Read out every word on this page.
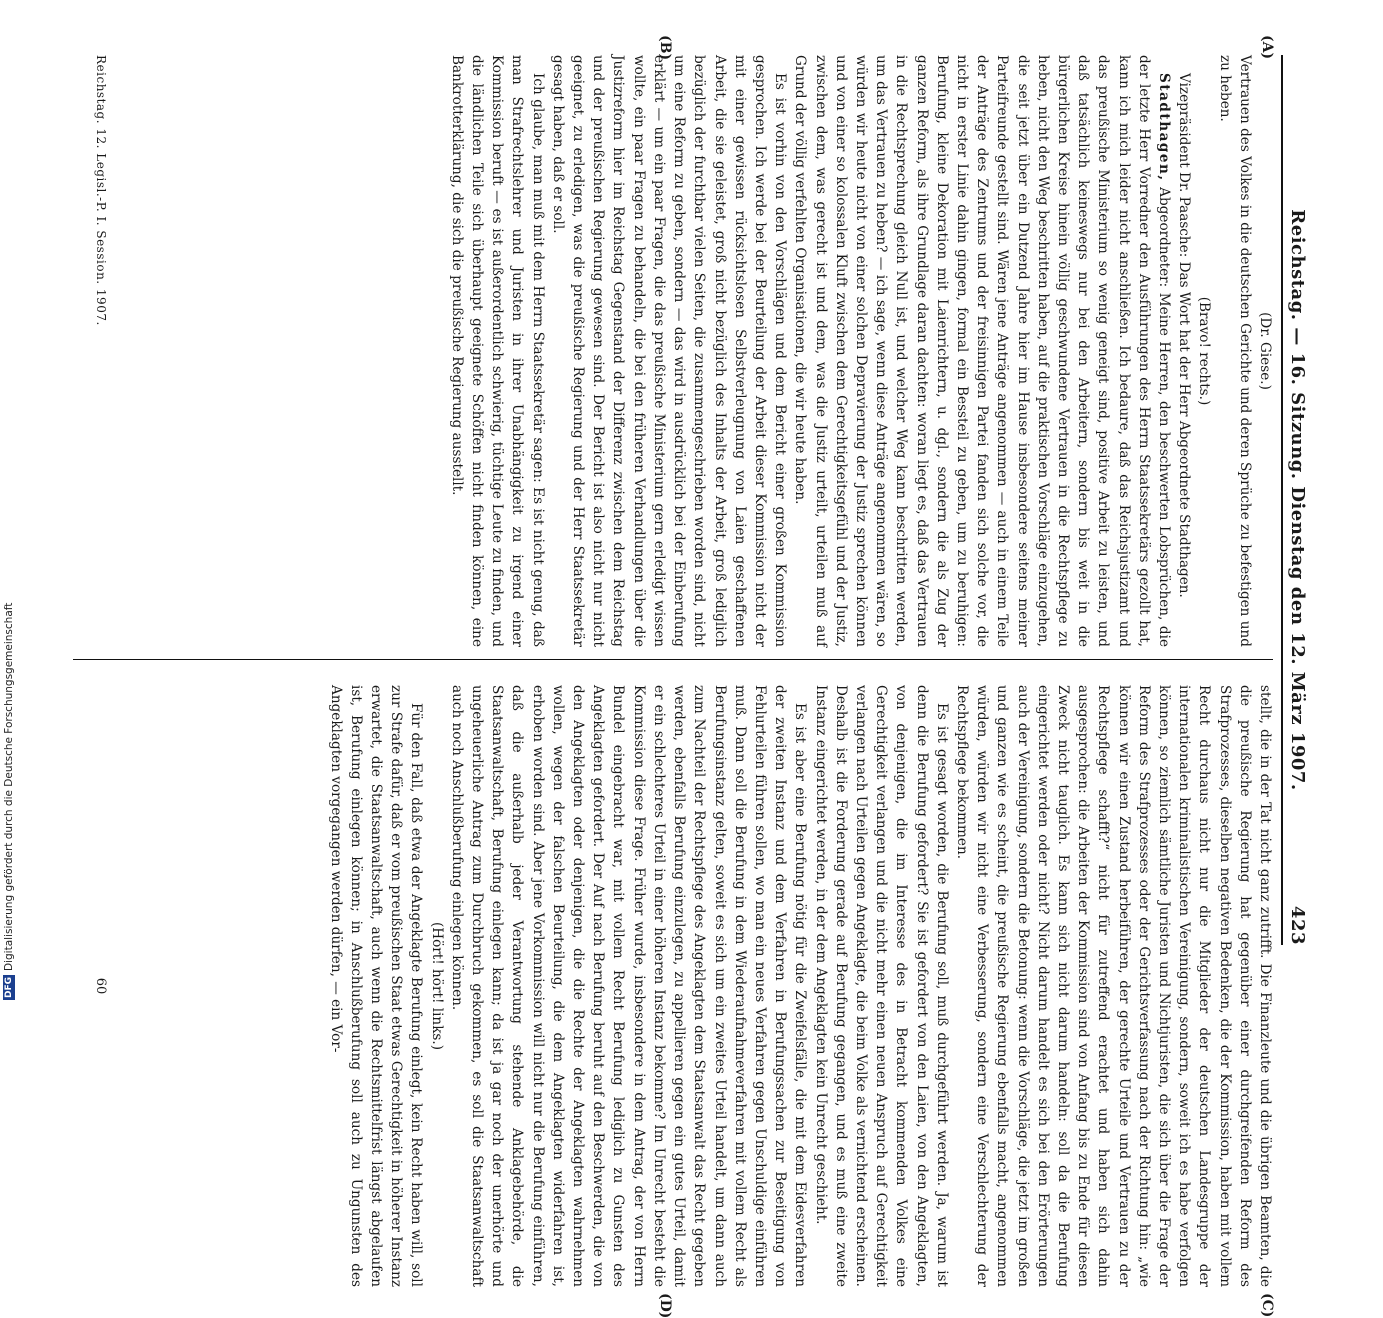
Reichstag. — 16. Sitzung. Dienstag den 12. März 1907.
423
(A)
(B)
(C)
(D)

(Dr. Giese.)

Vertrauen des Volkes in die deutschen Gerichte und deren Sprüche zu befestigen und zu heben.

(Bravo! rechts.)

Vizepräsident Dr. Paasche: Das Wort hat der Herr Abgeordnete Stadthagen.

Stadthagen, Abgeordneter: Meine Herren, den beschwerten Lobsprüchen, die der letzte Herr Vorredner den Ausführungen des Herrn Staatssekretärs gezollt hat, kann ich mich leider nicht anschließen. Ich bedaure, daß das Reichsjustizamt und das preußische Ministerium so wenig geneigt sind, positive Arbeit zu leisten, und daß tatsächlich keineswegs nur bei den Arbeitern, sondern bis weit in die bürgerlichen Kreise hinein völlig geschwundene Vertrauen in die Rechtspflege zu heben, nicht den Weg beschritten haben, auf die praktischen Vorschläge einzugehen, die seit jetzt über ein Dutzend Jahre hier im Hause insbesondere seitens meiner Parteifreunde gestellt sind. Wären jene Anträge angenommen — auch in einem Teile der Anträge des Zentrums und der freisinnigen Partei fanden sich solche vor, die nicht in erster Linie dahin gingen, formal ein Bessteil zu geben, um zu beruhigen: Berufung, kleine Dekoration mit Laienrichtern, u. dgl., sondern die als Zug der ganzen Reform, als ihre Grundlage daran dachten: woran liegt es, daß das Vertrauen in die Rechtsprechung gleich Null ist, und welcher Weg kann beschritten werden, um das Vertrauen zu heben? — ich sage, wenn diese Anträge angenommen wären, so würden wir heute nicht von einer solchen Depravierung der Justiz sprechen können und von einer so kolossalen Kluft zwischen dem Gerechtigkeitsgefühl und der Justiz, zwischen dem, was gerecht ist und dem, was die Justiz urteilt, urteilen muß auf Grund der völlig verfehlten Organisationen, die wir heute haben.

Es ist vorhin von den Vorschlägen und dem Bericht einer großen Kommission gesprochen. Ich werde bei der Beurteilung der Arbeit dieser Kommission nicht der mit einer gewissen rücksichtslosen Selbstverleugnung von Laien geschaffenen Arbeit, die sie geleistet, groß nicht bezüglich des Inhalts der Arbeit, groß lediglich bezüglich der furchtbar vielen Seiten, die zusammengeschrieben worden sind, nicht um eine Reform zu geben, sondern — das wird in ausdrücklich bei der Einberufung erklärt — um ein paar Fragen, die das preußische Ministerium gern erledigt wissen wollte, ein paar Fragen zu behandeln, die bei den früheren Verhandlungen über die Justizreform hier im Reichstag Gegenstand der Differenz zwischen dem Reichstag und der preußischen Regierung gewesen sind. Der Bericht ist also nicht nur nicht geeignet, zu erledigen, was die preußische Regierung und der Herr Staatssekretär gesagt haben, daß er soll.

Ich glaube, man muß mit dem Herrn Staatssekretär sagen: Es ist nicht genug, daß man Strafrechtslehrer und Juristen in ihrer Unabhängigkeit zu irgend einer Kommission beruft — es ist außerordentlich schwierig, tüchtige Leute zu finden, und die ländlichen Teile sich überhaupt geeignete Schöffen nicht finden können, eine Bankrotterklärung, die sich die preußische Regierung ausstellt.

stellt, die in der Tat nicht ganz zutrifft. Die Finanzleute und die übrigen Beamten, die die preußische Regierung hat gegenüber einer durchgreifenden Reform des Strafprozesses, dieselben negativen Bedenken, die der Kommission, haben mit vollem Recht durchaus nicht nur die Mitglieder der deutschen Landesgruppe der internationalen kriminalistischen Vereinigung, sondern, soweit ich es habe verfolgen können, so ziemlich sämtliche Juristen und Nichtjuristen, die sich über die Frage der Reform des Strafprozesses oder der Gerichtsverfassung nach der Richtung hin: „wie können wir einen Zustand herbeiführen, der gerechte Urteile und Vertrauen zu der Rechtspflege schafft?“ nicht für zutreffend erachtet und haben sich dahin ausgesprochen: die Arbeiten der Kommission sind von Anfang bis zu Ende für diesen Zweck nicht tauglich. Es kann sich nicht darum handeln: soll da die Berufung eingerichtet werden oder nicht? Nicht darum handelt es sich bei den Erörterungen auch der Vereinigung, sondern die Betonung: wenn die Vorschläge, die jetzt im großen und ganzen wie es scheint, die preußische Regierung ebenfalls macht, angenommen würden, würden wir nicht eine Verbesserung, sondern eine Verschlechterung der Rechtspflege bekommen.

Es ist gesagt worden, die Berufung soll, muß durchgeführt werden. Ja, warum ist denn die Berufung gefordert? Sie ist gefordert von den Laien, von den Angeklagten, von denjenigen, die im Interesse des in Betracht kommenden Volkes eine Gerechtigkeit verlangen und die nicht mehr einen neuen Anspruch auf Gerechtigkeit verlangen nach Urteilen gegen Angeklagte, die beim Volke als vernichtend erscheinen. Deshalb ist die Forderung gerade auf Berufung gegangen, und es muß eine zweite Instanz eingerichtet werden, in der dem Angeklagten kein Unrecht geschieht.

Es ist aber eine Berufung nötig für die Zweifelsfälle, die mit dem Eidesverfahren der zweiten Instanz und dem Verfahren in Berufungssachen zur Beseitigung von Fehlurteilen führen sollen, wo man ein neues Verfahren gegen Unschuldige einführen muß. Dann soll die Berufung in dem Wiederaufnahmeverfahren mit vollem Recht als Berufungsinstanz gelten, soweit es sich um ein zweites Urteil handelt, um dann auch zum Nachteil der Rechtspflege des Angeklagten dem Staatsanwalt das Recht gegeben werden, ebenfalls Berufung einzulegen, zu appellieren gegen ein gutes Urteil, damit er ein schlechteres Urteil in einer höheren Instanz bekomme? Im Unrecht besteht die Kommission diese Frage. Früher wurde, insbesondere in dem Antrag, der von Herrn Bundel eingebracht war, mit vollem Recht Berufung lediglich zu Gunsten des Angeklagten gefordert. Der Auf nach Berufung beruht auf den Beschwerden, die von den Angeklagten oder denjenigen, die die Rechte der Angeklagten wahrnehmen wollen, wegen der falschen Beurteilung, die dem Angeklagten widerfahren ist, erhoben worden sind. Aber jene Vorkommission will nicht nur die Berufung einführen, daß die außerhalb jeder Verantwortung stehende Anklagebehörde, die Staatsanwaltschaft, Berufung einlegen kann; da ist ja gar noch der unerhörte und ungeheuerliche Antrag zum Durchbruch gekommen, es soll die Staatsanwaltschaft auch noch Anschlußberufung einlegen können.

(Hört! hört! links.)

Für den Fall, daß etwa der Angeklagte Berufung einlegt, kein Recht haben will, soll zur Strafe dafür, daß er vom preußischen Staat etwas Gerechtigkeit in höherer Instanz erwartet, die Staatsanwaltschaft, auch wenn die Rechtsmittelfrist längst abgelaufen ist, Berufung einlegen können; in Anschlußberufung soll auch zu Ungunsten des Angeklagten vorgegangen werden dürfen, — ein Vor-

Reichstag. 12. Legisl.-P. I. Session. 1907.
60
DFG
Digitalisierung gefördert durch die Deutsche Forschungsgemeinschaft
